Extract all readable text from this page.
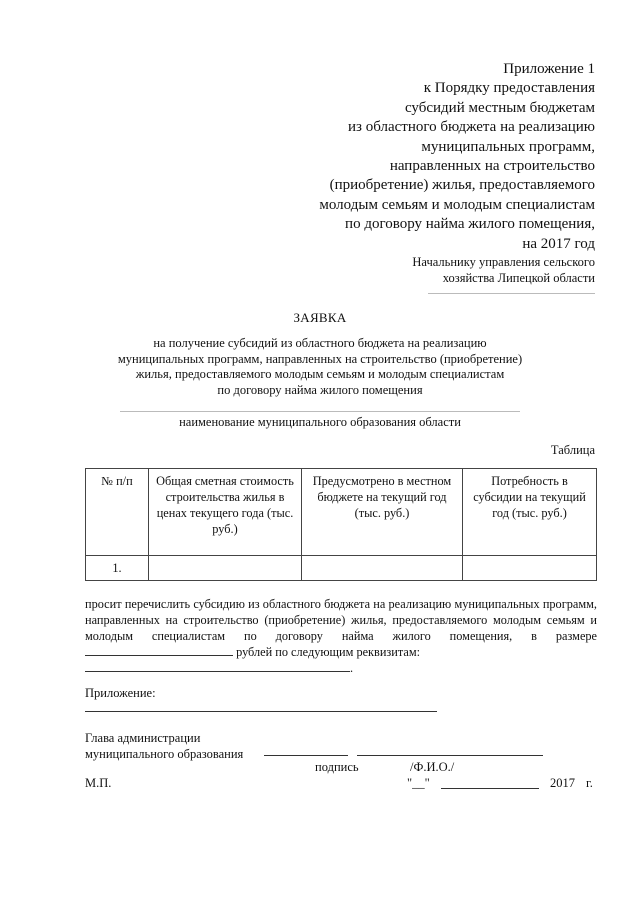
Приложение 1
к Порядку предоставления
субсидий местным бюджетам
из областного бюджета на реализацию
муниципальных программ,
направленных на строительство
(приобретение) жилья, предоставляемого
молодым семьям и молодым специалистам
по договору найма жилого помещения,
на 2017 год
Начальнику управления сельского
хозяйства Липецкой области
ЗАЯВКА
на получение субсидий из областного бюджета на реализацию
муниципальных программ, направленных на строительство (приобретение)
жилья, предоставляемого молодым семьям и молодым специалистам
по договору найма жилого помещения
наименование муниципального образования области
Таблица
№ п/п	Общая сметная стоимость строительства жилья в ценах текущего года (тыс. руб.)	Предусмотрено в местном бюджете на текущий год (тыс. руб.)	Потребность в субсидии на текущий год (тыс. руб.)
1.			

просит перечислить субсидию из областного бюджета на реализацию муниципальных программ, направленных на строительство (приобретение) жилья, предоставляемого молодым семьям и молодым специалистам по договору найма жилого помещения, в размере  рублей по следующим реквизитам:

.

Приложение:
Глава администрации
муниципального образования
подпись	/Ф.И.О./
М.П.	"__"	2017 г.
